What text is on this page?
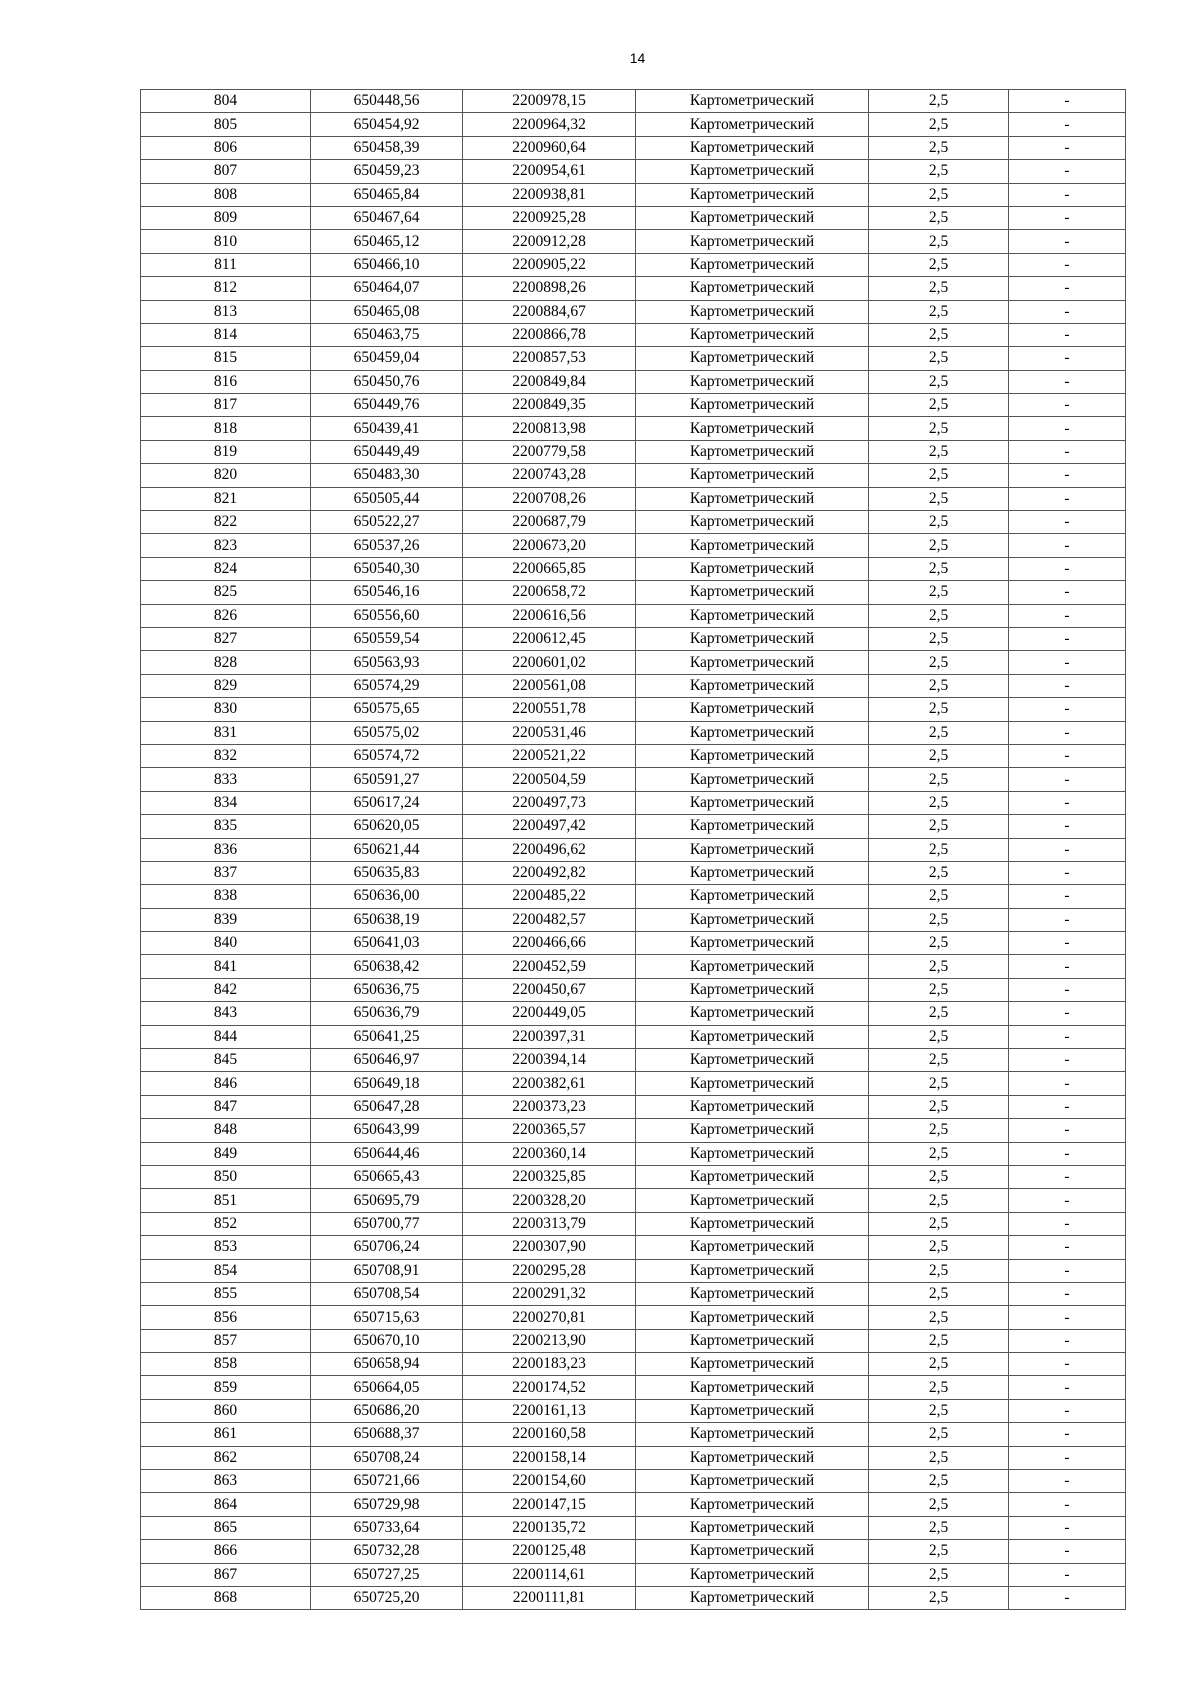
14
804	650448,56	2200978,15	Картометрический	2,5	-
805	650454,92	2200964,32	Картометрический	2,5	-
806	650458,39	2200960,64	Картометрический	2,5	-
807	650459,23	2200954,61	Картометрический	2,5	-
808	650465,84	2200938,81	Картометрический	2,5	-
809	650467,64	2200925,28	Картометрический	2,5	-
810	650465,12	2200912,28	Картометрический	2,5	-
811	650466,10	2200905,22	Картометрический	2,5	-
812	650464,07	2200898,26	Картометрический	2,5	-
813	650465,08	2200884,67	Картометрический	2,5	-
814	650463,75	2200866,78	Картометрический	2,5	-
815	650459,04	2200857,53	Картометрический	2,5	-
816	650450,76	2200849,84	Картометрический	2,5	-
817	650449,76	2200849,35	Картометрический	2,5	-
818	650439,41	2200813,98	Картометрический	2,5	-
819	650449,49	2200779,58	Картометрический	2,5	-
820	650483,30	2200743,28	Картометрический	2,5	-
821	650505,44	2200708,26	Картометрический	2,5	-
822	650522,27	2200687,79	Картометрический	2,5	-
823	650537,26	2200673,20	Картометрический	2,5	-
824	650540,30	2200665,85	Картометрический	2,5	-
825	650546,16	2200658,72	Картометрический	2,5	-
826	650556,60	2200616,56	Картометрический	2,5	-
827	650559,54	2200612,45	Картометрический	2,5	-
828	650563,93	2200601,02	Картометрический	2,5	-
829	650574,29	2200561,08	Картометрический	2,5	-
830	650575,65	2200551,78	Картометрический	2,5	-
831	650575,02	2200531,46	Картометрический	2,5	-
832	650574,72	2200521,22	Картометрический	2,5	-
833	650591,27	2200504,59	Картометрический	2,5	-
834	650617,24	2200497,73	Картометрический	2,5	-
835	650620,05	2200497,42	Картометрический	2,5	-
836	650621,44	2200496,62	Картометрический	2,5	-
837	650635,83	2200492,82	Картометрический	2,5	-
838	650636,00	2200485,22	Картометрический	2,5	-
839	650638,19	2200482,57	Картометрический	2,5	-
840	650641,03	2200466,66	Картометрический	2,5	-
841	650638,42	2200452,59	Картометрический	2,5	-
842	650636,75	2200450,67	Картометрический	2,5	-
843	650636,79	2200449,05	Картометрический	2,5	-
844	650641,25	2200397,31	Картометрический	2,5	-
845	650646,97	2200394,14	Картометрический	2,5	-
846	650649,18	2200382,61	Картометрический	2,5	-
847	650647,28	2200373,23	Картометрический	2,5	-
848	650643,99	2200365,57	Картометрический	2,5	-
849	650644,46	2200360,14	Картометрический	2,5	-
850	650665,43	2200325,85	Картометрический	2,5	-
851	650695,79	2200328,20	Картометрический	2,5	-
852	650700,77	2200313,79	Картометрический	2,5	-
853	650706,24	2200307,90	Картометрический	2,5	-
854	650708,91	2200295,28	Картометрический	2,5	-
855	650708,54	2200291,32	Картометрический	2,5	-
856	650715,63	2200270,81	Картометрический	2,5	-
857	650670,10	2200213,90	Картометрический	2,5	-
858	650658,94	2200183,23	Картометрический	2,5	-
859	650664,05	2200174,52	Картометрический	2,5	-
860	650686,20	2200161,13	Картометрический	2,5	-
861	650688,37	2200160,58	Картометрический	2,5	-
862	650708,24	2200158,14	Картометрический	2,5	-
863	650721,66	2200154,60	Картометрический	2,5	-
864	650729,98	2200147,15	Картометрический	2,5	-
865	650733,64	2200135,72	Картометрический	2,5	-
866	650732,28	2200125,48	Картометрический	2,5	-
867	650727,25	2200114,61	Картометрический	2,5	-
868	650725,20	2200111,81	Картометрический	2,5	-
